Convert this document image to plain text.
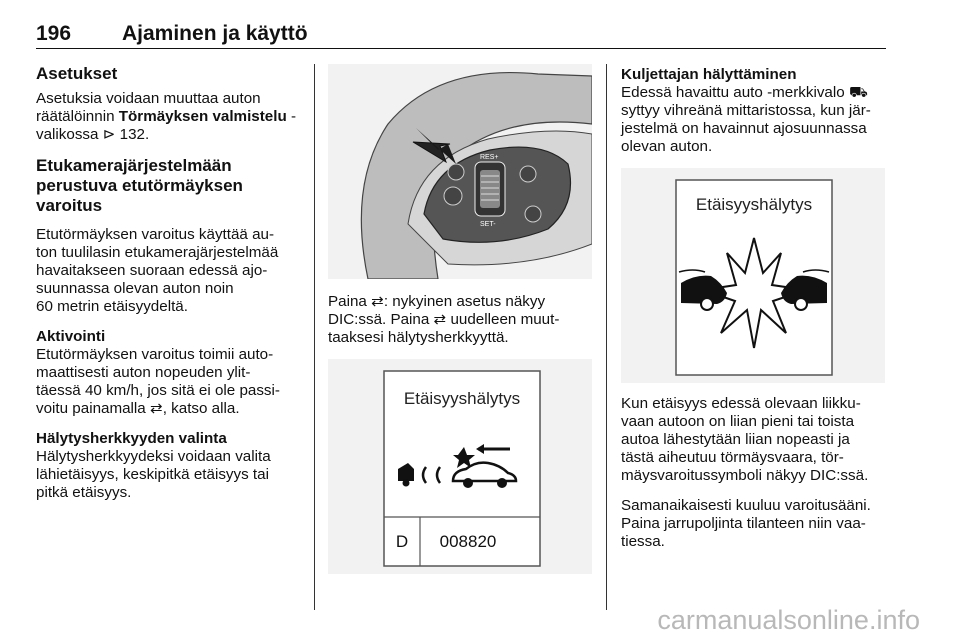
196 Ajaminen ja käyttö
Asetukset

Asetuksia voidaan muuttaa auton

räätälöinnin Törmäyksen valmistelu -

valikossa ⊳ 132.

Etukamerajärjestelmään
perustuva etutörmäyksen
varoitus

Etutörmäyksen varoitus käyttää au-

ton tuulilasin etukamerajärjestelmää

havaitakseen suoraan edessä ajo-

suunnassa olevan auton noin

60 metrin etäisyydeltä.

Aktivointi

Etutörmäyksen varoitus toimii auto-

maattisesti auton nopeuden ylit-

täessä 40 km/h, jos sitä ei ole passi-

voitu painamalla ⇄, katso alla.

Hälytysherkkyyden valinta

Hälytysherkkyydeksi voidaan valita

lähietäisyys, keskipitkä etäisyys tai

pitkä etäisyys.

RES+
SET-

Paina ⇄: nykyinen asetus näkyy

DIC:ssä. Paina ⇄ uudelleen muut-

taaksesi hälytysherkkyyttä.

Etäisyyshälytys
D 008820
Kuljettajan hälyttäminen

Edessä havaittu auto -merkkivalo ⛟

syttyy vihreänä mittaristossa, kun jär-

jestelmä on havainnut ajosuunnassa

olevan auton.

Etäisyyshälytys

Kun etäisyys edessä olevaan liikku-

vaan autoon on liian pieni tai toista

autoa lähestytään liian nopeasti ja

tästä aiheutuu törmäysvaara, tör-

mäysvaroitussymboli näkyy DIC:ssä.

Samanaikaisesti kuuluu varoitusääni.

Paina jarrupoljinta tilanteen niin vaa-

tiessa.

carmanualsonline.info
